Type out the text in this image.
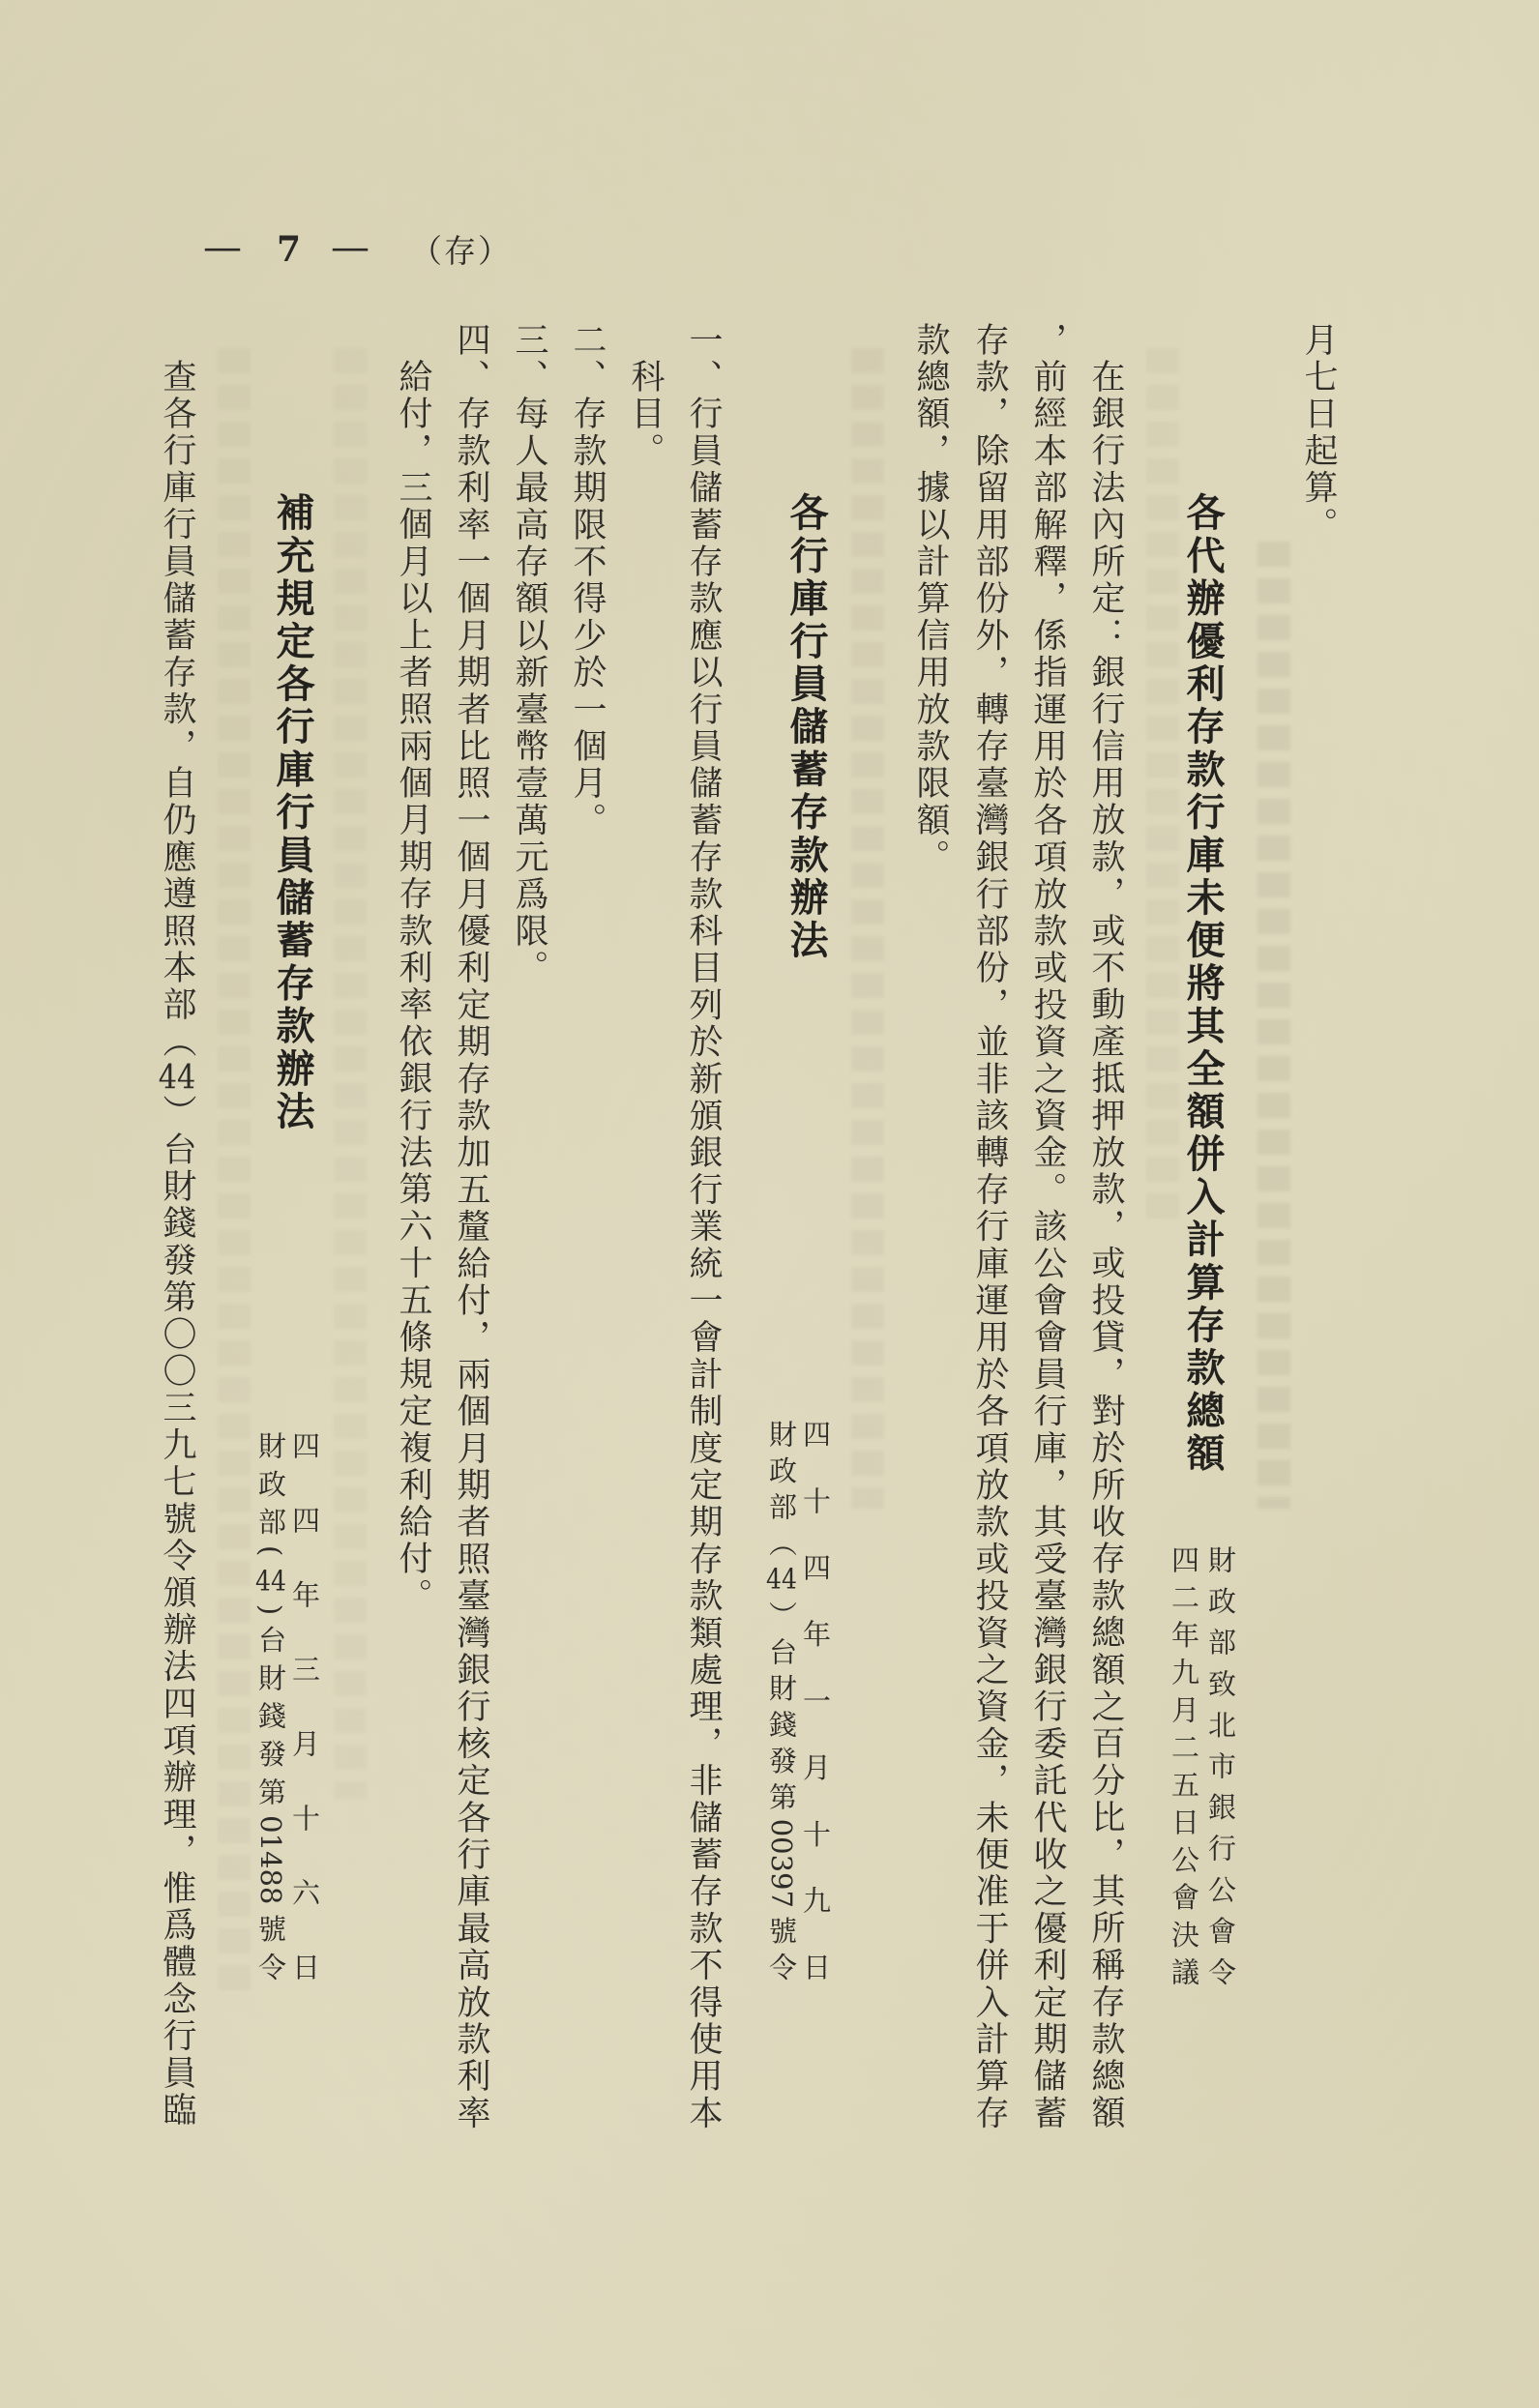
— 7 — （存）
月七日起算。
各代辦優利存款行庫未便將其全額併入計算存款總額
財政部致北市銀行公會令
四二年九月二五日公會決議
在銀行法內所定：銀行信用放款，或不動產抵押放款，或投貸，對於所收存款總額之百分比，其所稱存款總額
，前經本部解釋，係指運用於各項放款或投資之資金。該公會會員行庫，其受臺灣銀行委託代收之優利定期儲蓄
存款，除留用部份外，轉存臺灣銀行部份，並非該轉存行庫運用於各項放款或投資之資金，未便准于併入計算存
款總額，據以計算信用放款限額。
各行庫行員儲蓄存款辦法
四十四年一月十九日
財政部（44）台財錢發第00397號令
一、行員儲蓄存款應以行員儲蓄存款科目列於新頒銀行業統一會計制度定期存款類處理，非儲蓄存款不得使用本
科目。
二、存款期限不得少於一個月。
三、每人最高存額以新臺幣壹萬元爲限。
四、存款利率一個月期者比照一個月優利定期存款加五釐給付，兩個月期者照臺灣銀行核定各行庫最高放款利率
給付，三個月以上者照兩個月期存款利率依銀行法第六十五條規定複利給付。
補充規定各行庫行員儲蓄存款辦法
四四年三月十六日
財政部(44)台財錢發第01488號令
查各行庫行員儲蓄存款，自仍應遵照本部（44）台財錢發第〇〇三九七號令頒辦法四項辦理，惟爲體念行員臨
